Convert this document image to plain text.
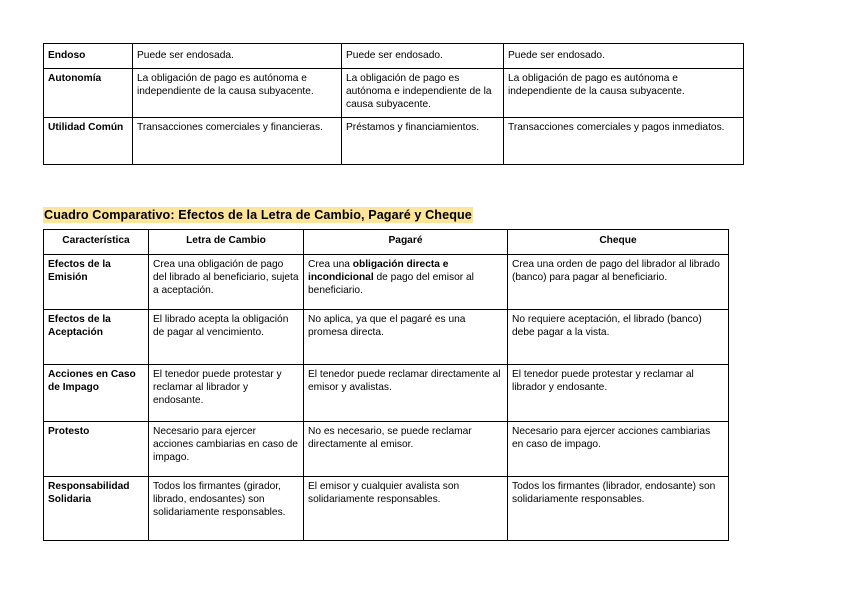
Endoso	Puede ser endosada.	Puede ser endosado.	Puede ser endosado.
Autonomía	La obligación de pago es autónoma e independiente de la causa subyacente.	La obligación de pago es autónoma e independiente de la causa subyacente.	La obligación de pago es autónoma e independiente de la causa subyacente.
Utilidad Común	Transacciones comerciales y financieras.	Préstamos y financiamientos.	Transacciones comerciales y pagos inmediatos.
Cuadro Comparativo: Efectos de la Letra de Cambio, Pagaré y Cheque
Característica	Letra de Cambio	Pagaré	Cheque
Efectos de la Emisión	Crea una obligación de pago del librado al beneficiario, sujeta a aceptación.	Crea una obligación directa e incondicional de pago del emisor al beneficiario.	Crea una orden de pago del librador al librado (banco) para pagar al beneficiario.
Efectos de la Aceptación	El librado acepta la obligación de pagar al vencimiento.	No aplica, ya que el pagaré es una promesa directa.	No requiere aceptación, el librado (banco) debe pagar a la vista.
Acciones en Caso de Impago	El tenedor puede protestar y reclamar al librador y endosante.	El tenedor puede reclamar directamente al emisor y avalistas.	El tenedor puede protestar y reclamar al librador y endosante.
Protesto	Necesario para ejercer acciones cambiarias en caso de impago.	No es necesario, se puede reclamar directamente al emisor.	Necesario para ejercer acciones cambiarias en caso de impago.
Responsabilidad Solidaria	Todos los firmantes (girador, librado, endosantes) son solidariamente responsables.	El emisor y cualquier avalista son solidariamente responsables.	Todos los firmantes (librador, endosante) son solidariamente responsables.
